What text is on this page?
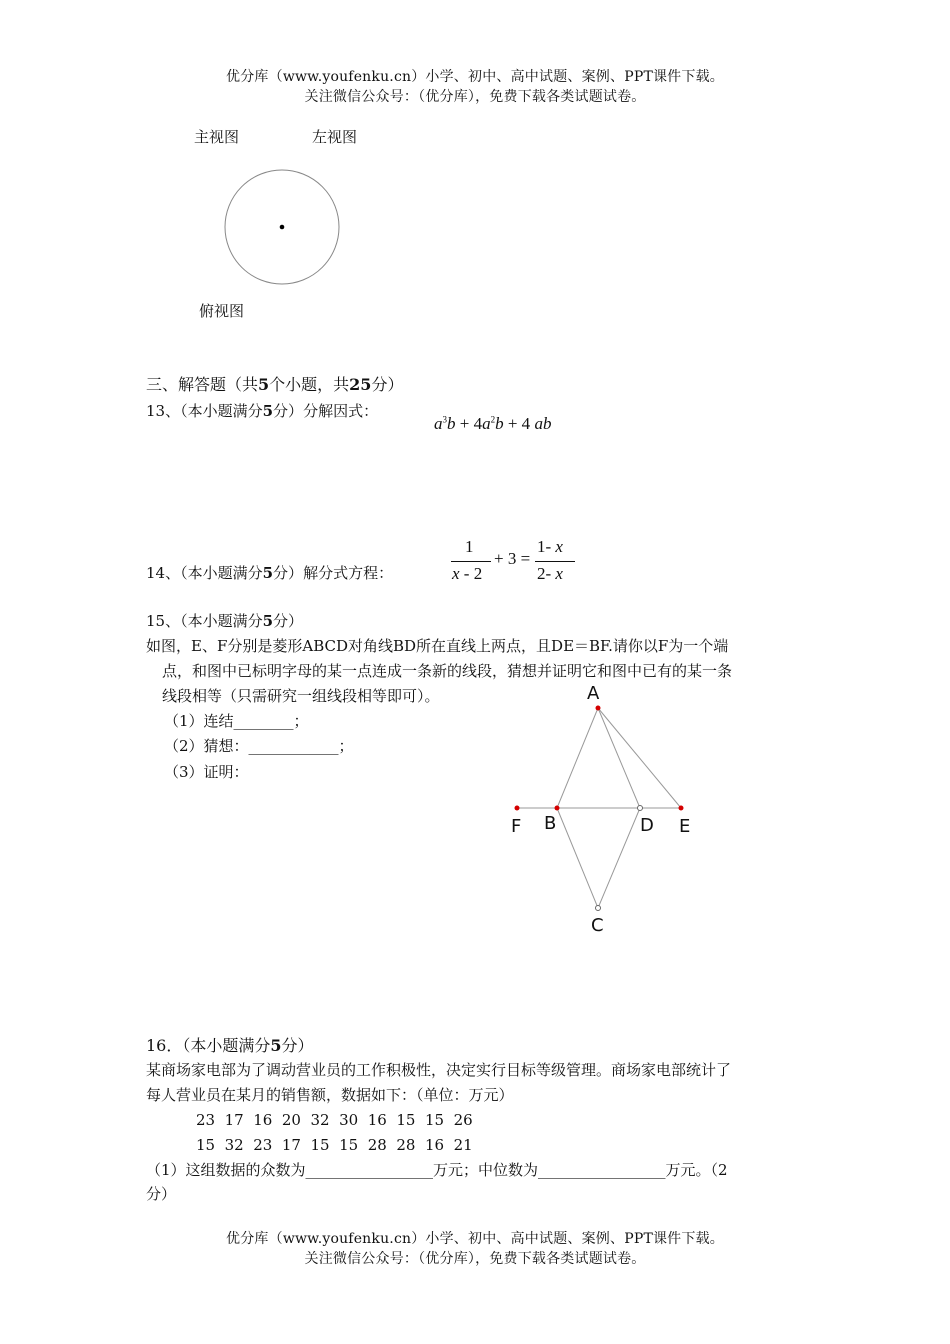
优分库（www.youfenku.cn）小学、初中、高中试题、案例、PPT课件下载。
关注微信公众号：（优分库），免费下载各类试题试卷。
主视图	左视图
俯视图
三、解答题（共5个小题，共25分）
13、（本小题满分5分）分解因式：
$a^3b + 4a^2b + 4$ ab
14、（本小题满分5分）解分式方程：
1
x - 2
+ 3 =
1- x
2- x
15、（本小题满分5分）
如图，E、F分别是菱形ABCD对角线BD所在直线上两点，且DE＝BF.请你以F为一个端
点，和图中已标明字母的某一点连成一条新的线段，猜想并证明它和图中已有的某一条
线段相等（只需研究一组线段相等即可）。
（1）连结________；
（2）猜想：____________；
（3）证明：
A
F B	D E
C
16．（本小题满分5分）
某商场家电部为了调动营业员的工作积极性，决定实行目标等级管理。商场家电部统计了
每人营业员在某月的销售额，数据如下：（单位：万元）
23  17  16  20  32  30  16  15  15  26
15  32  23  17  15  15  28  28  16  21
（1）这组数据的众数为_________________万元；中位数为_________________万元。（2
分）
优分库（www.youfenku.cn）小学、初中、高中试题、案例、PPT课件下载。
关注微信公众号：（优分库），免费下载各类试题试卷。
